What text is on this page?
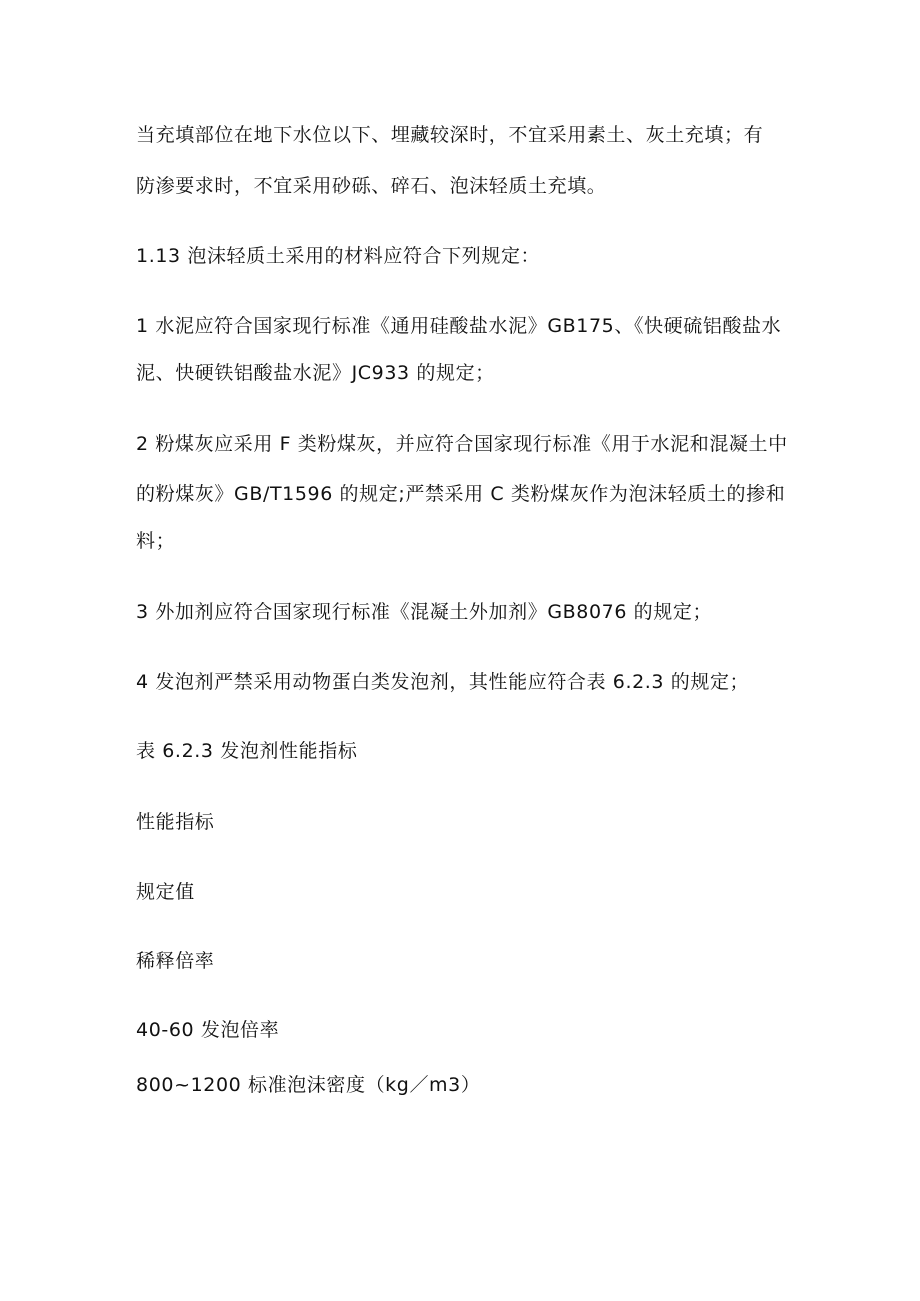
当充填部位在地下水位以下、埋藏较深时，不宜采用素土、灰土充填；有
防渗要求时，不宜采用砂砾、碎石、泡沫轻质土充填。
1.13 泡沫轻质土采用的材料应符合下列规定：
1 水泥应符合国家现行标准《通用硅酸盐水泥》GB175、《快硬硫铝酸盐水
泥、快硬铁铝酸盐水泥》JC933 的规定；
2 粉煤灰应采用 F 类粉煤灰，并应符合国家现行标准《用于水泥和混凝土中
的粉煤灰》GB/T1596 的规定;严禁采用 C 类粉煤灰作为泡沫轻质土的掺和
料；
3 外加剂应符合国家现行标准《混凝土外加剂》GB8076 的规定；
4 发泡剂严禁采用动物蛋白类发泡剂，其性能应符合表 6.2.3 的规定；
表 6.2.3 发泡剂性能指标
性能指标
规定值
稀释倍率
40-60 发泡倍率
800~1200 标准泡沫密度（kg／m3）
